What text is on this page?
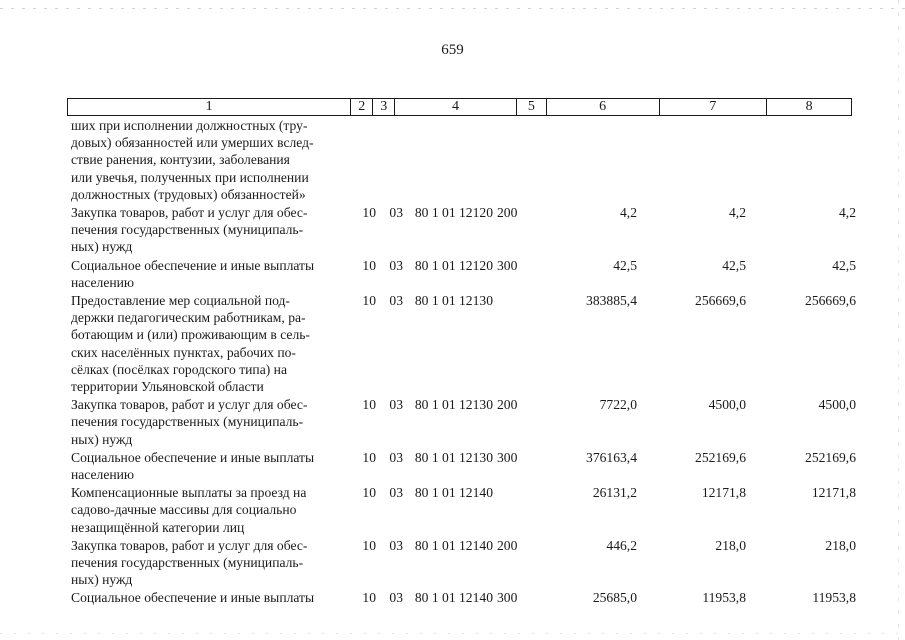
659
1	2	3	4	5	6	7	8
ших при исполнении должностных (тру-
довых) обязанностей или умерших вслед-
ствие ранения, контузии, заболевания
или увечья, полученных при исполнении
должностных (трудовых) обязанностей»
Закупка товаров, работ и услуг для обес-
печения государственных (муниципаль-
ных) нужд
10 03 80 1 01 12120 200	4,2	4,2	4,2
Социальное обеспечение и иные выплаты
населению
10 03 80 1 01 12120 300	42,5	42,5	42,5
Предоставление мер социальной под-
держки педагогическим работникам, ра-
ботающим и (или) проживающим в сель-
ских населённых пунктах, рабочих по-
сёлках (посёлках городского типа) на
территории Ульяновской области
10 03 80 1 01 12130	383885,4	256669,6	256669,6
Закупка товаров, работ и услуг для обес-
печения государственных (муниципаль-
ных) нужд
10 03 80 1 01 12130 200	7722,0	4500,0	4500,0
Социальное обеспечение и иные выплаты
населению
10 03 80 1 01 12130 300	376163,4	252169,6	252169,6
Компенсационные выплаты за проезд на
садово-дачные массивы для социально
незащищённой категории лиц
10 03 80 1 01 12140	26131,2	12171,8	12171,8
Закупка товаров, работ и услуг для обес-
печения государственных (муниципаль-
ных) нужд
10 03 80 1 01 12140 200	446,2	218,0	218,0
Социальное обеспечение и иные выплаты	10 03 80 1 01 12140 300	25685,0	11953,8	11953,8
